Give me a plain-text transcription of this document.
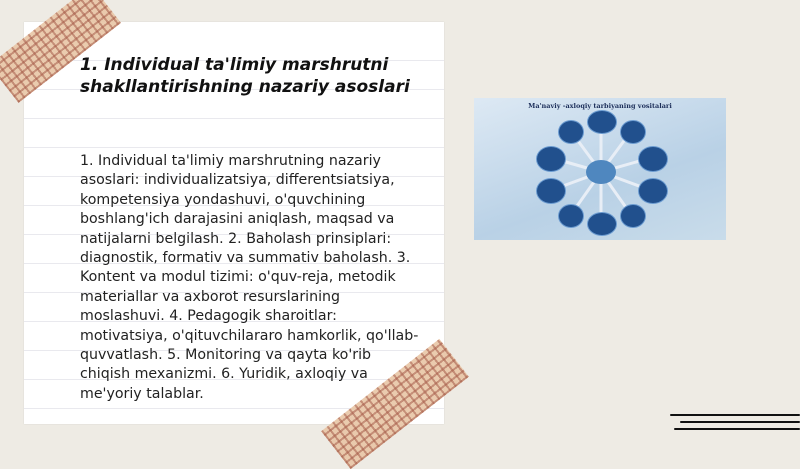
1. Individual ta'limiy marshrutni shakllantirishning nazariy asoslari

1. Individual ta'limiy marshrutning nazariy asoslari: individualizatsiya, differentsiatsiya, kompetensiya yondashuvi, o'quvchining boshlang'ich darajasini aniqlash, maqsad va natijalarni belgilash. 2. Baholash prinsiplari: diagnostik, formativ va summativ baholash. 3. Kontent va modul tizimi: o'quv-reja, metodik materiallar va axborot resurslarining moslashuvi. 4. Pedagogik sharoitlar: motivatsiya, o'qituvchilararo hamkorlik, qo'llab-quvvatlash. 5. Monitoring va qayta ko'rib chiqish mexanizmi. 6. Yuridik, axloqiy va me'yoriy talablar.

Ma'naviy -axloqiy tarbiyaning vositalari
